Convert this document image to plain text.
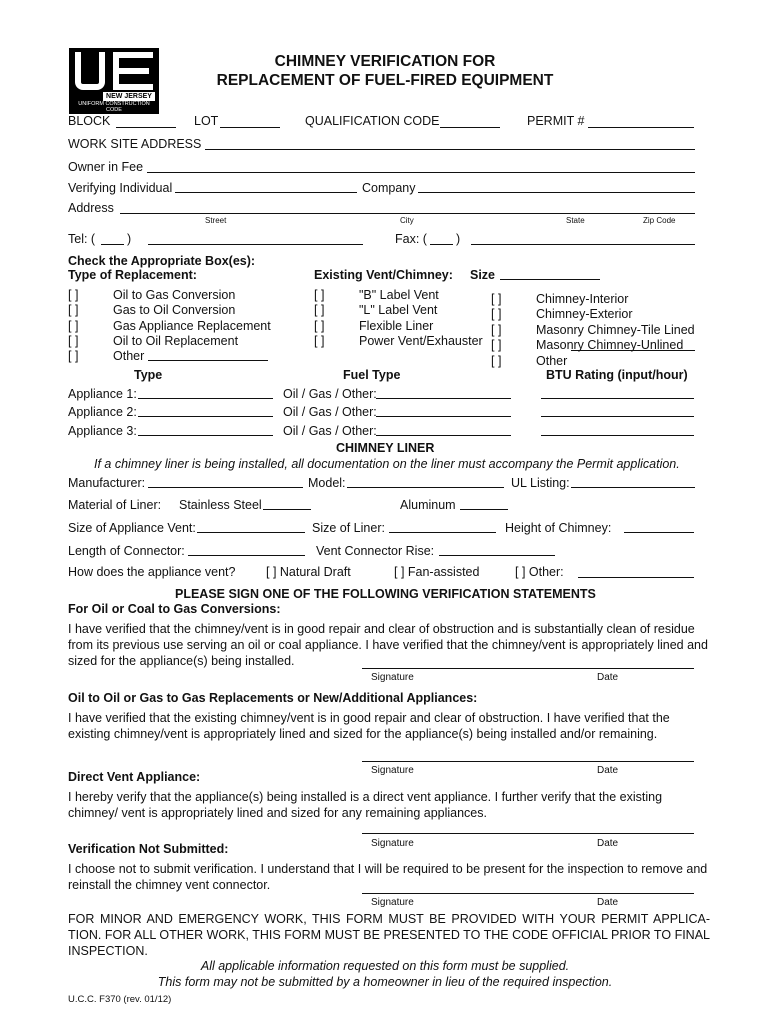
NEW JERSEY
UNIFORM CONSTRUCTION CODE
CHIMNEY VERIFICATION FOR
REPLACEMENT OF FUEL-FIRED EQUIPMENT
BLOCK	LOT	QUALIFICATION CODE	PERMIT #
WORK SITE ADDRESS
Owner in Fee
Verifying Individual	Company
Address
Street	City	State	Zip Code
Tel: (	)	Fax: ( )
Check the Appropriate Box(es):
Type of Replacement:	Existing Vent/Chimney: Size
[ ]	Oil to Gas Conversion
[ ]	Gas to Oil Conversion
[ ]	Gas Appliance Replacement
[ ]	Oil to Oil Replacement
[ ]	Other
[ ]	"B" Label Vent
[ ]	"L" Label Vent
[ ]	Flexible Liner
[ ]	Power Vent/Exhauster
[ ]	Chimney-Interior
[ ]	Chimney-Exterior
[ ]	Masonry Chimney-Tile Lined
[ ]	Masonry Chimney-Unlined
[ ]	Other
Type	Fuel Type	BTU Rating (input/hour)
Appliance 1:	Oil / Gas / Other:
Appliance 2:	Oil / Gas / Other:
Appliance 3:	Oil / Gas / Other:
CHIMNEY LINER
If a chimney liner is being installed, all documentation on the liner must accompany the Permit application.
Manufacturer:	Model:	UL Listing:
Material of Liner: Stainless Steel	Aluminum
Size of Appliance Vent:	Size of Liner:	Height of Chimney:
Length of Connector:	Vent Connector Rise:
How does the appliance vent? [ ] Natural Draft	[ ] Fan-assisted	[ ] Other:
PLEASE SIGN ONE OF THE FOLLOWING VERIFICATION STATEMENTS
For Oil or Coal to Gas Conversions:
I have verified that the chimney/vent is in good repair and clear of obstruction and is substantially clean of residue from its previous use serving an oil or coal appliance. I have verified that the chimney/vent is appropriately lined and sized for the appliance(s) being installed.
Signature	Date
Oil to Oil or Gas to Gas Replacements or New/Additional Appliances:
I have verified that the existing chimney/vent is in good repair and clear of obstruction. I have verified that the existing chimney/vent is appropriately lined and sized for the appliance(s) being installed and/or remaining.
Signature	Date
Direct Vent Appliance:
I hereby verify that the appliance(s) being installed is a direct vent appliance. I further verify that the existing chimney/ vent is appropriately lined and sized for any remaining appliances.
Signature	Date
Verification Not Submitted:
I choose not to submit verification. I understand that I will be required to be present for the inspection to remove and reinstall the chimney vent connector.
Signature	Date
FOR MINOR AND EMERGENCY WORK, THIS FORM MUST BE PROVIDED WITH YOUR PERMIT APPLICA-TION. FOR ALL OTHER WORK, THIS FORM MUST BE PRESENTED TO THE CODE OFFICIAL PRIOR TO FINAL INSPECTION.
All applicable information requested on this form must be supplied.
This form may not be submitted by a homeowner in lieu of the required inspection.
U.C.C. F370 (rev. 01/12)
